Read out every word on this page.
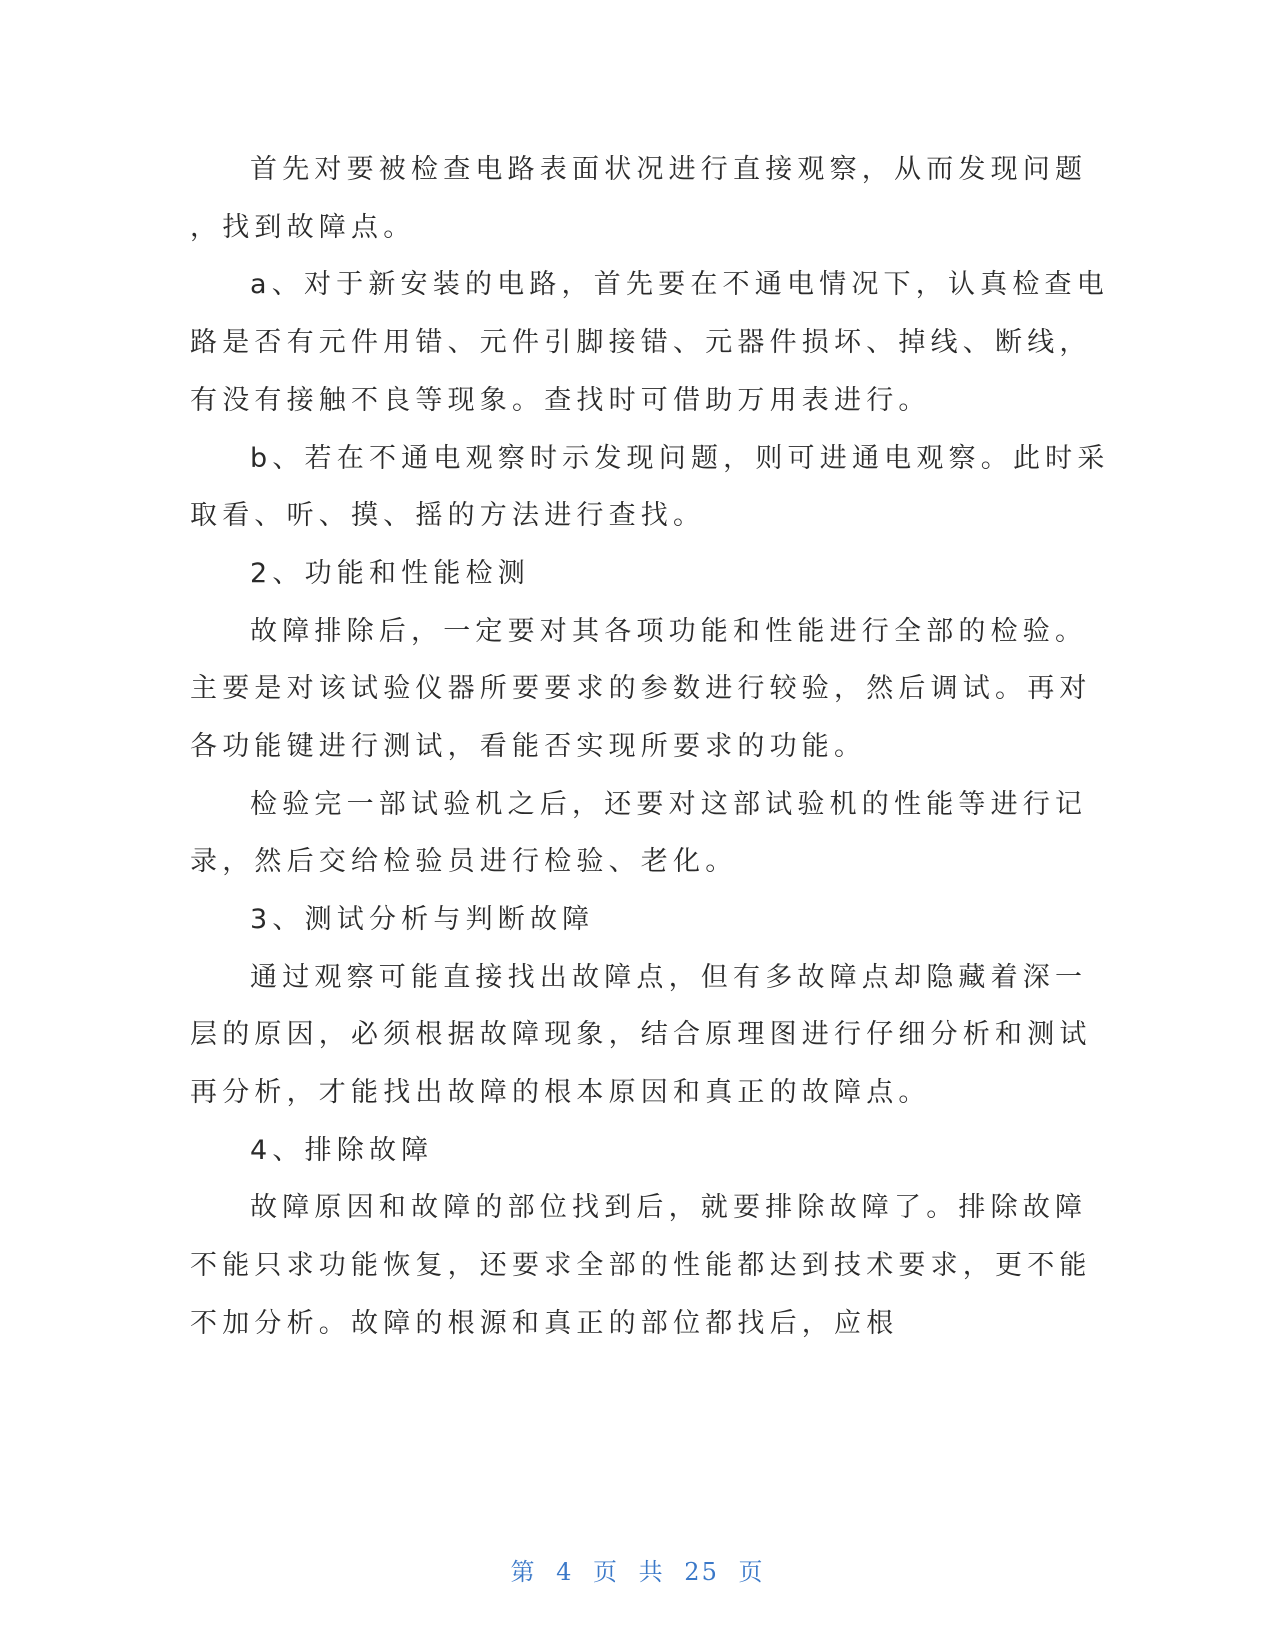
首先对要被检查电路表面状况进行直接观察，从而发现问题
，找到故障点。
a、对于新安装的电路，首先要在不通电情况下，认真检查电
路是否有元件用错、元件引脚接错、元器件损坏、掉线、断线，
有没有接触不良等现象。查找时可借助万用表进行。
b、若在不通电观察时示发现问题，则可进通电观察。此时采
取看、听、摸、摇的方法进行查找。
2、功能和性能检测
故障排除后，一定要对其各项功能和性能进行全部的检验。
主要是对该试验仪器所要要求的参数进行较验，然后调试。再对
各功能键进行测试，看能否实现所要求的功能。
检验完一部试验机之后，还要对这部试验机的性能等进行记
录，然后交给检验员进行检验、老化。
3、测试分析与判断故障
通过观察可能直接找出故障点，但有多故障点却隐藏着深一
层的原因，必须根据故障现象，结合原理图进行仔细分析和测试
再分析，才能找出故障的根本原因和真正的故障点。
4、排除故障
故障原因和故障的部位找到后，就要排除故障了。排除故障
不能只求功能恢复，还要求全部的性能都达到技术要求，更不能
不加分析。故障的根源和真正的部位都找后，应根
第 4 页 共 25 页
